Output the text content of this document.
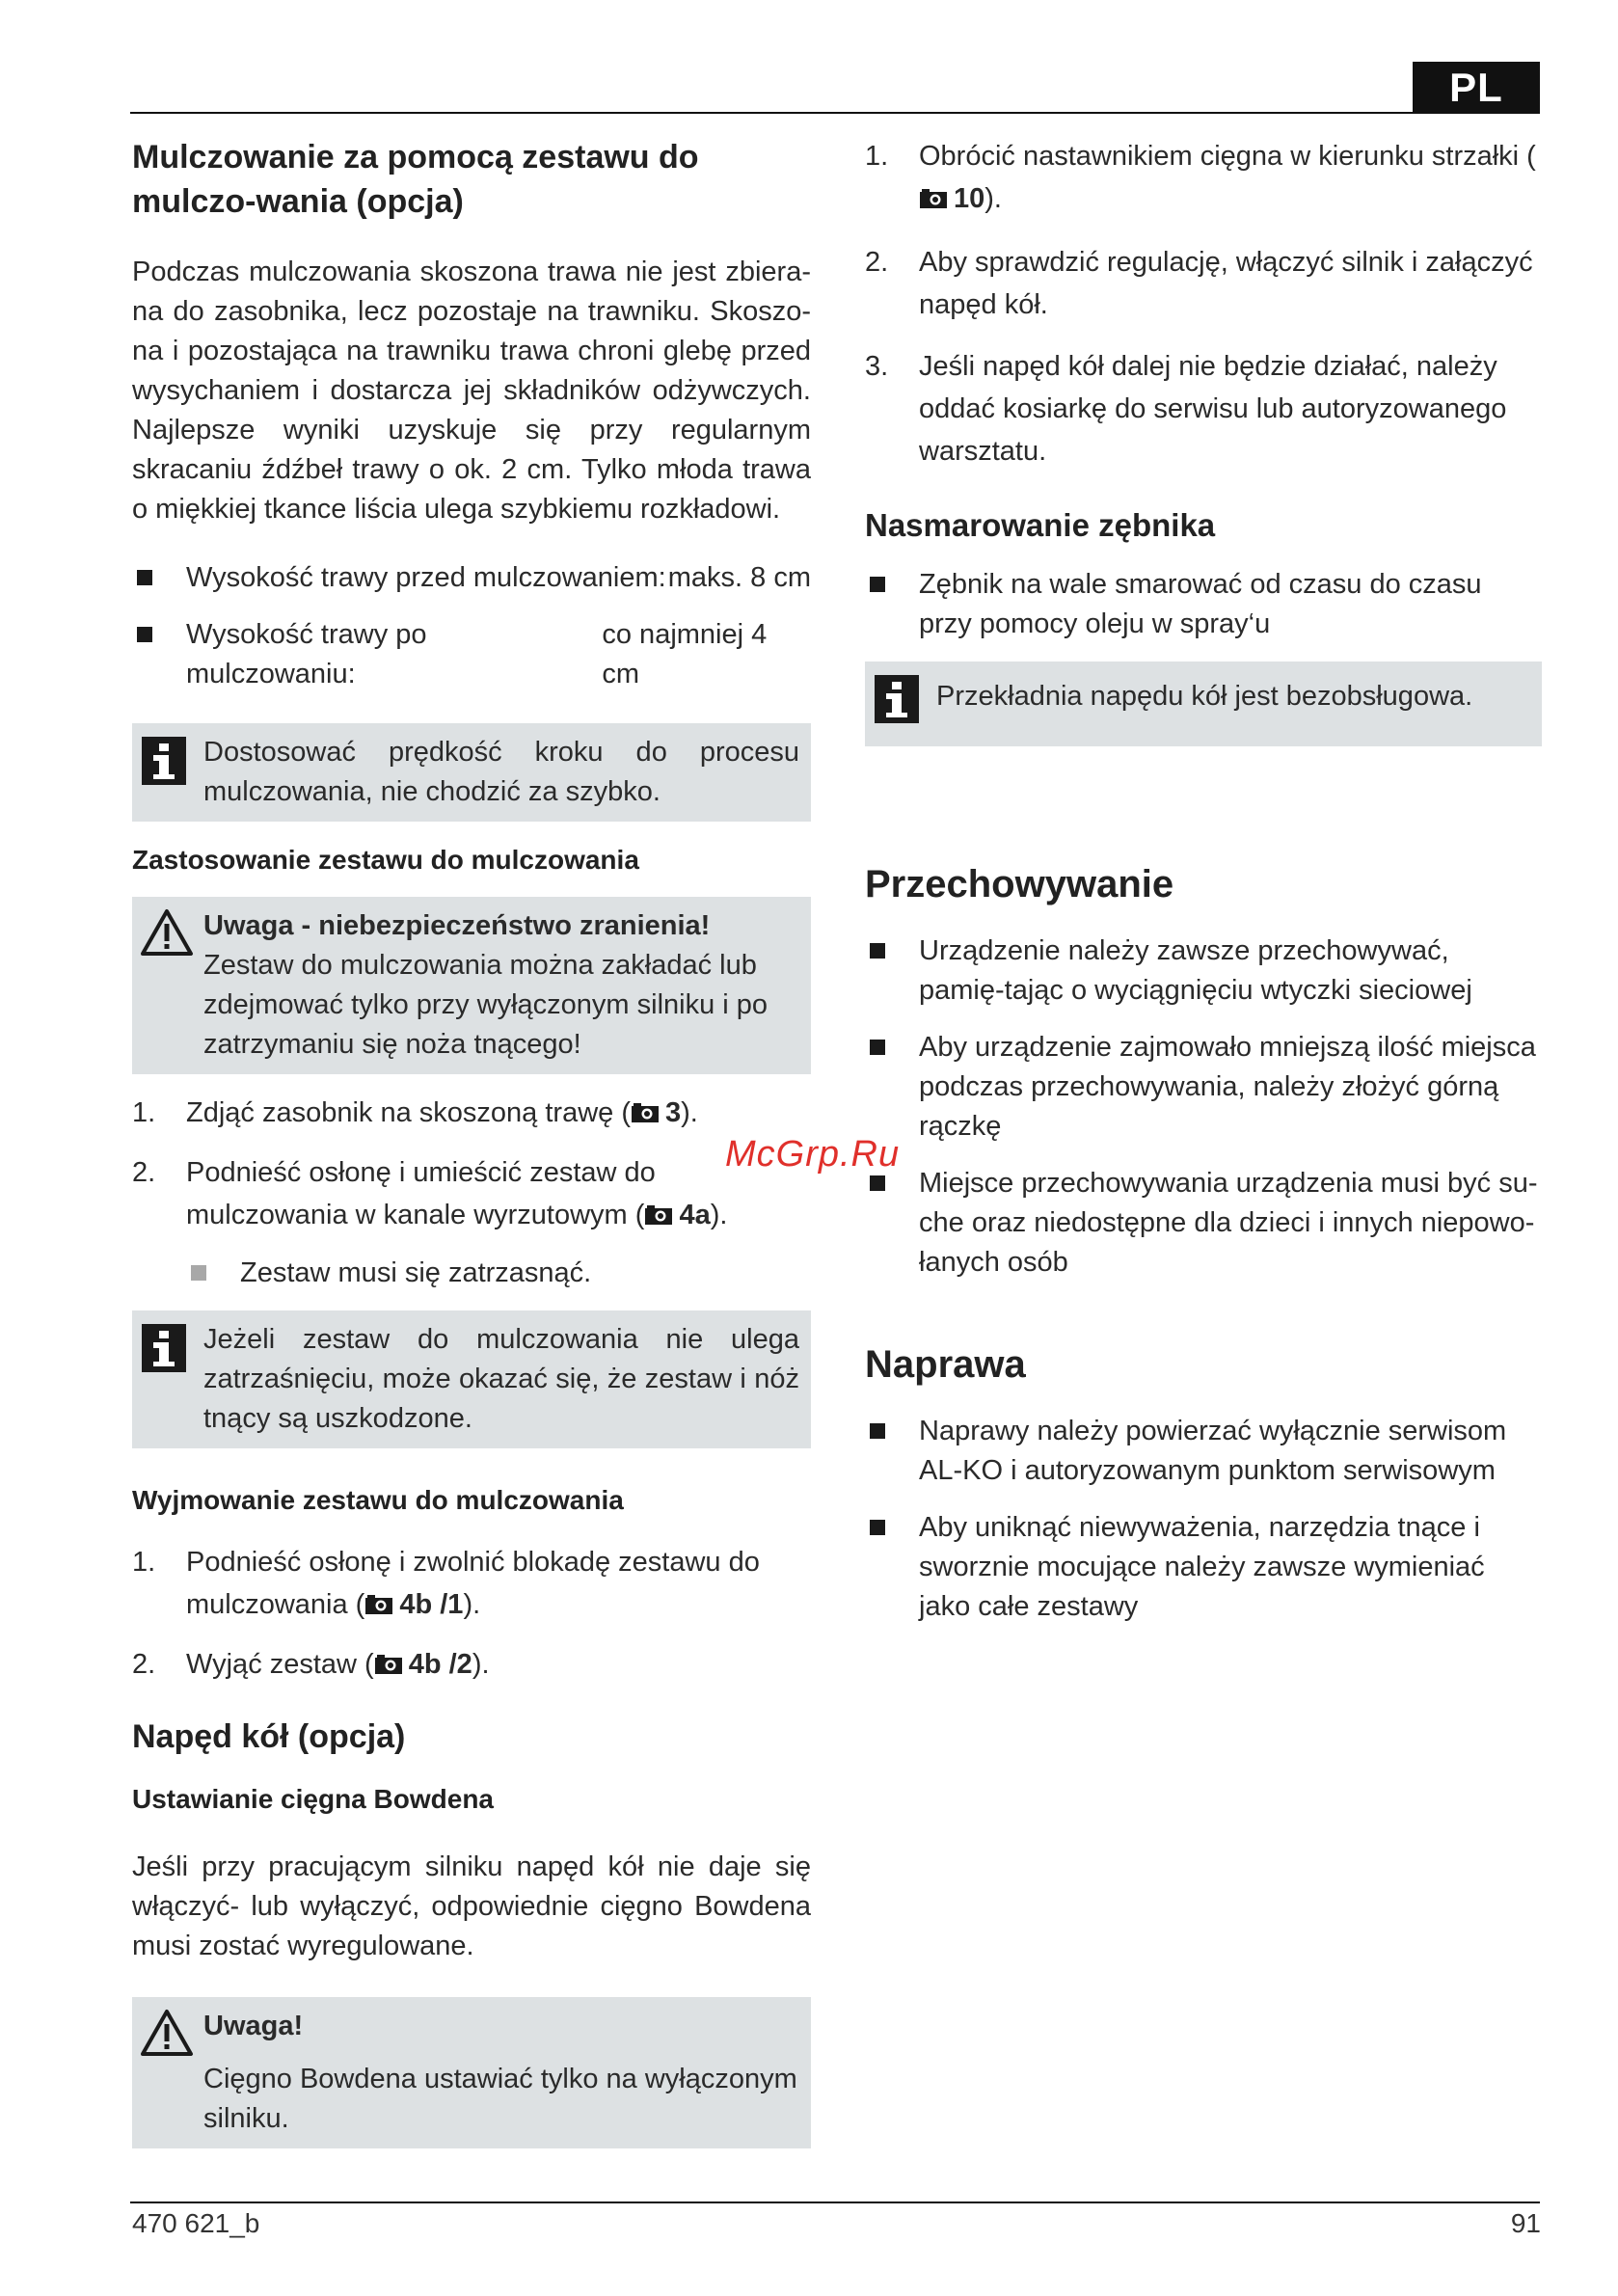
PL
470 621_b	91
McGrp.Ru
Mulczowanie za pomocą zestawu do mulczo-wania (opcja)
Podczas mulczowania skoszona trawa nie jest zbiera-na do zasobnika, lecz pozostaje na trawniku. Skoszo-na i pozostająca na trawniku trawa chroni glebę przed wysychaniem i dostarcza jej składników odżywczych. Najlepsze wyniki uzyskuje się przy regularnym skracaniu źdźbeł trawy o ok. 2 cm. Tylko młoda trawa o miękkiej tkance liścia ulega szybkiemu rozkładowi.
Wysokość trawy przed mulczowaniem: maks. 8 cm
Wysokość trawy po mulczowaniu:
co najmniej 4 cm
Dostosować prędkość kroku do procesu mulczowania, nie chodzić za szybko.
Zastosowanie zestawu do mulczowania
Uwaga - niebezpieczeństwo zranienia!
Zestaw do mulczowania można zakładać lub zdejmować tylko przy wyłączonym silniku i po zatrzymaniu się noża tnącego!
1. Zdjąć zasobnik na skoszoną trawę ( 3).
2. Podnieść osłonę i umieścić zestaw do mulczowania w kanale wyrzutowym ( 4a).
Zestaw musi się zatrzasnąć.
Jeżeli zestaw do mulczowania nie ulega zatrzaśnięciu, może okazać się, że zestaw i nóż tnący są uszkodzone.
Wyjmowanie zestawu do mulczowania
1. Podnieść osłonę i zwolnić blokadę zestawu do mulczowania ( 4b /1).
2. Wyjąć zestaw ( 4b /2).
Napęd kół (opcja)
Ustawianie cięgna Bowdena
Jeśli przy pracującym silniku napęd kół nie daje się włączyć- lub wyłączyć, odpowiednie cięgno Bowdena musi zostać wyregulowane.
Uwaga!
Cięgno Bowdena ustawiać tylko na wyłączonym silniku.
1. Obrócić nastawnikiem cięgna w kierunku strzałki (10).
2. Aby sprawdzić regulację, włączyć silnik i załączyć napęd kół.
3. Jeśli napęd kół dalej nie będzie działać, należy oddać kosiarkę do serwisu lub autoryzowanego warsztatu.
Nasmarowanie zębnika
Zębnik na wale smarować od czasu do czasu przy pomocy oleju w spray‘u
Przekładnia napędu kół jest bezobsługowa.
Przechowywanie
Urządzenie należy zawsze przechowywać, pamię-tając o wyciągnięciu wtyczki sieciowej
Aby urządzenie zajmowało mniejszą ilość miejsca podczas przechowywania, należy złożyć górną rączkę
Miejsce przechowywania urządzenia musi być su-che oraz niedostępne dla dzieci i innych niepowo-łanych osób
Naprawa
Naprawy należy powierzać wyłącznie serwisom AL-KO i autoryzowanym punktom serwisowym
Aby uniknąć niewyważenia, narzędzia tnące i sworznie mocujące należy zawsze wymieniać jako całe zestawy
